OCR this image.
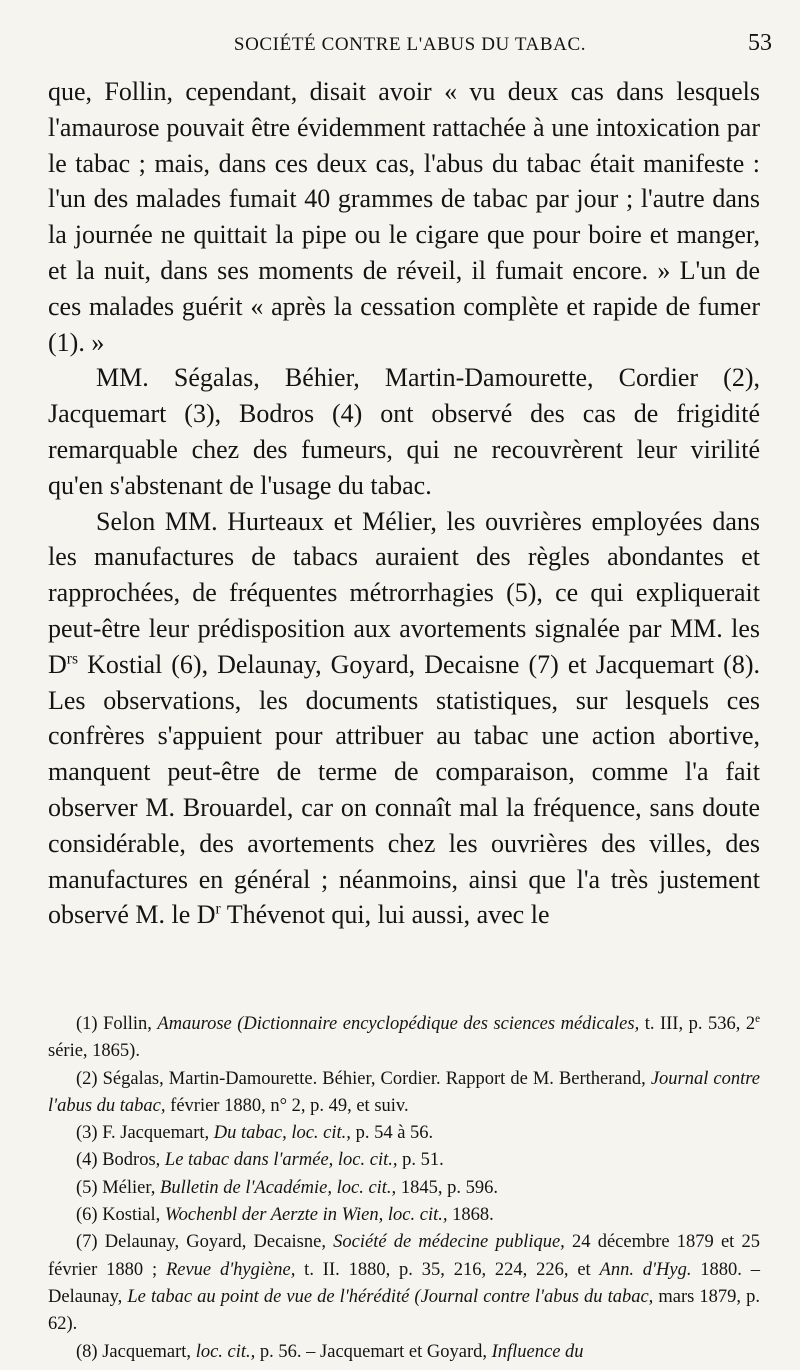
SOCIÉTÉ CONTRE L'ABUS DU TABAC.	53

que, Follin, cependant, disait avoir « vu deux cas dans lesquels l'amaurose pouvait être évidemment rattachée à une intoxication par le tabac ; mais, dans ces deux cas, l'abus du tabac était manifeste : l'un des malades fumait 40 grammes de tabac par jour ; l'autre dans la journée ne quittait la pipe ou le cigare que pour boire et manger, et la nuit, dans ses moments de réveil, il fumait encore. » L'un de ces malades guérit « après la cessation complète et rapide de fumer (1). »

MM. Ségalas, Béhier, Martin-Damourette, Cordier (2), Jacquemart (3), Bodros (4) ont observé des cas de frigidité remarquable chez des fumeurs, qui ne recouvrèrent leur virilité qu'en s'abstenant de l'usage du tabac.

Selon MM. Hurteaux et Mélier, les ouvrières employées dans les manufactures de tabacs auraient des règles abondantes et rapprochées, de fréquentes métrorrhagies (5), ce qui expliquerait peut-être leur prédisposition aux avortements signalée par MM. les $D^{rs}$ Kostial (6), Delaunay, Goyard, Decaisne (7) et Jacquemart (8). Les observations, les documents statistiques, sur lesquels ces confrères s'appuient pour attribuer au tabac une action abortive, manquent peut-être de terme de comparaison, comme l'a fait observer M. Brouardel, car on connaît mal la fréquence, sans doute considérable, des avortements chez les ouvrières des villes, des manufactures en général ; néanmoins, ainsi que l'a très justement observé M. le $D^r$ Thévenot qui, lui aussi, avec le

(1) Follin, Amaurose (Dictionnaire encyclopédique des sciences médicales, t. III, p. 536, 2e série, 1865).

(2) Ségalas, Martin-Damourette. Béhier, Cordier. Rapport de M. Bertherand, Journal contre l'abus du tabac, février 1880, n° 2, p. 49, et suiv.

(3) F. Jacquemart, Du tabac, loc. cit., p. 54 à 56.

(4) Bodros, Le tabac dans l'armée, loc. cit., p. 51.

(5) Mélier, Bulletin de l'Académie, loc. cit., 1845, p. 596.

(6) Kostial, Wochenbl der Aerzte in Wien, loc. cit., 1868.

(7) Delaunay, Goyard, Decaisne, Société de médecine publique, 24 décembre 1879 et 25 février 1880 ; Revue d'hygiène, t. II. 1880, p. 35, 216, 224, 226, et Ann. d'Hyg. 1880. – Delaunay, Le tabac au point de vue de l'hérédité (Journal contre l'abus du tabac, mars 1879, p. 62).

(8) Jacquemart, loc. cit., p. 56. – Jacquemart et Goyard, Influence du
